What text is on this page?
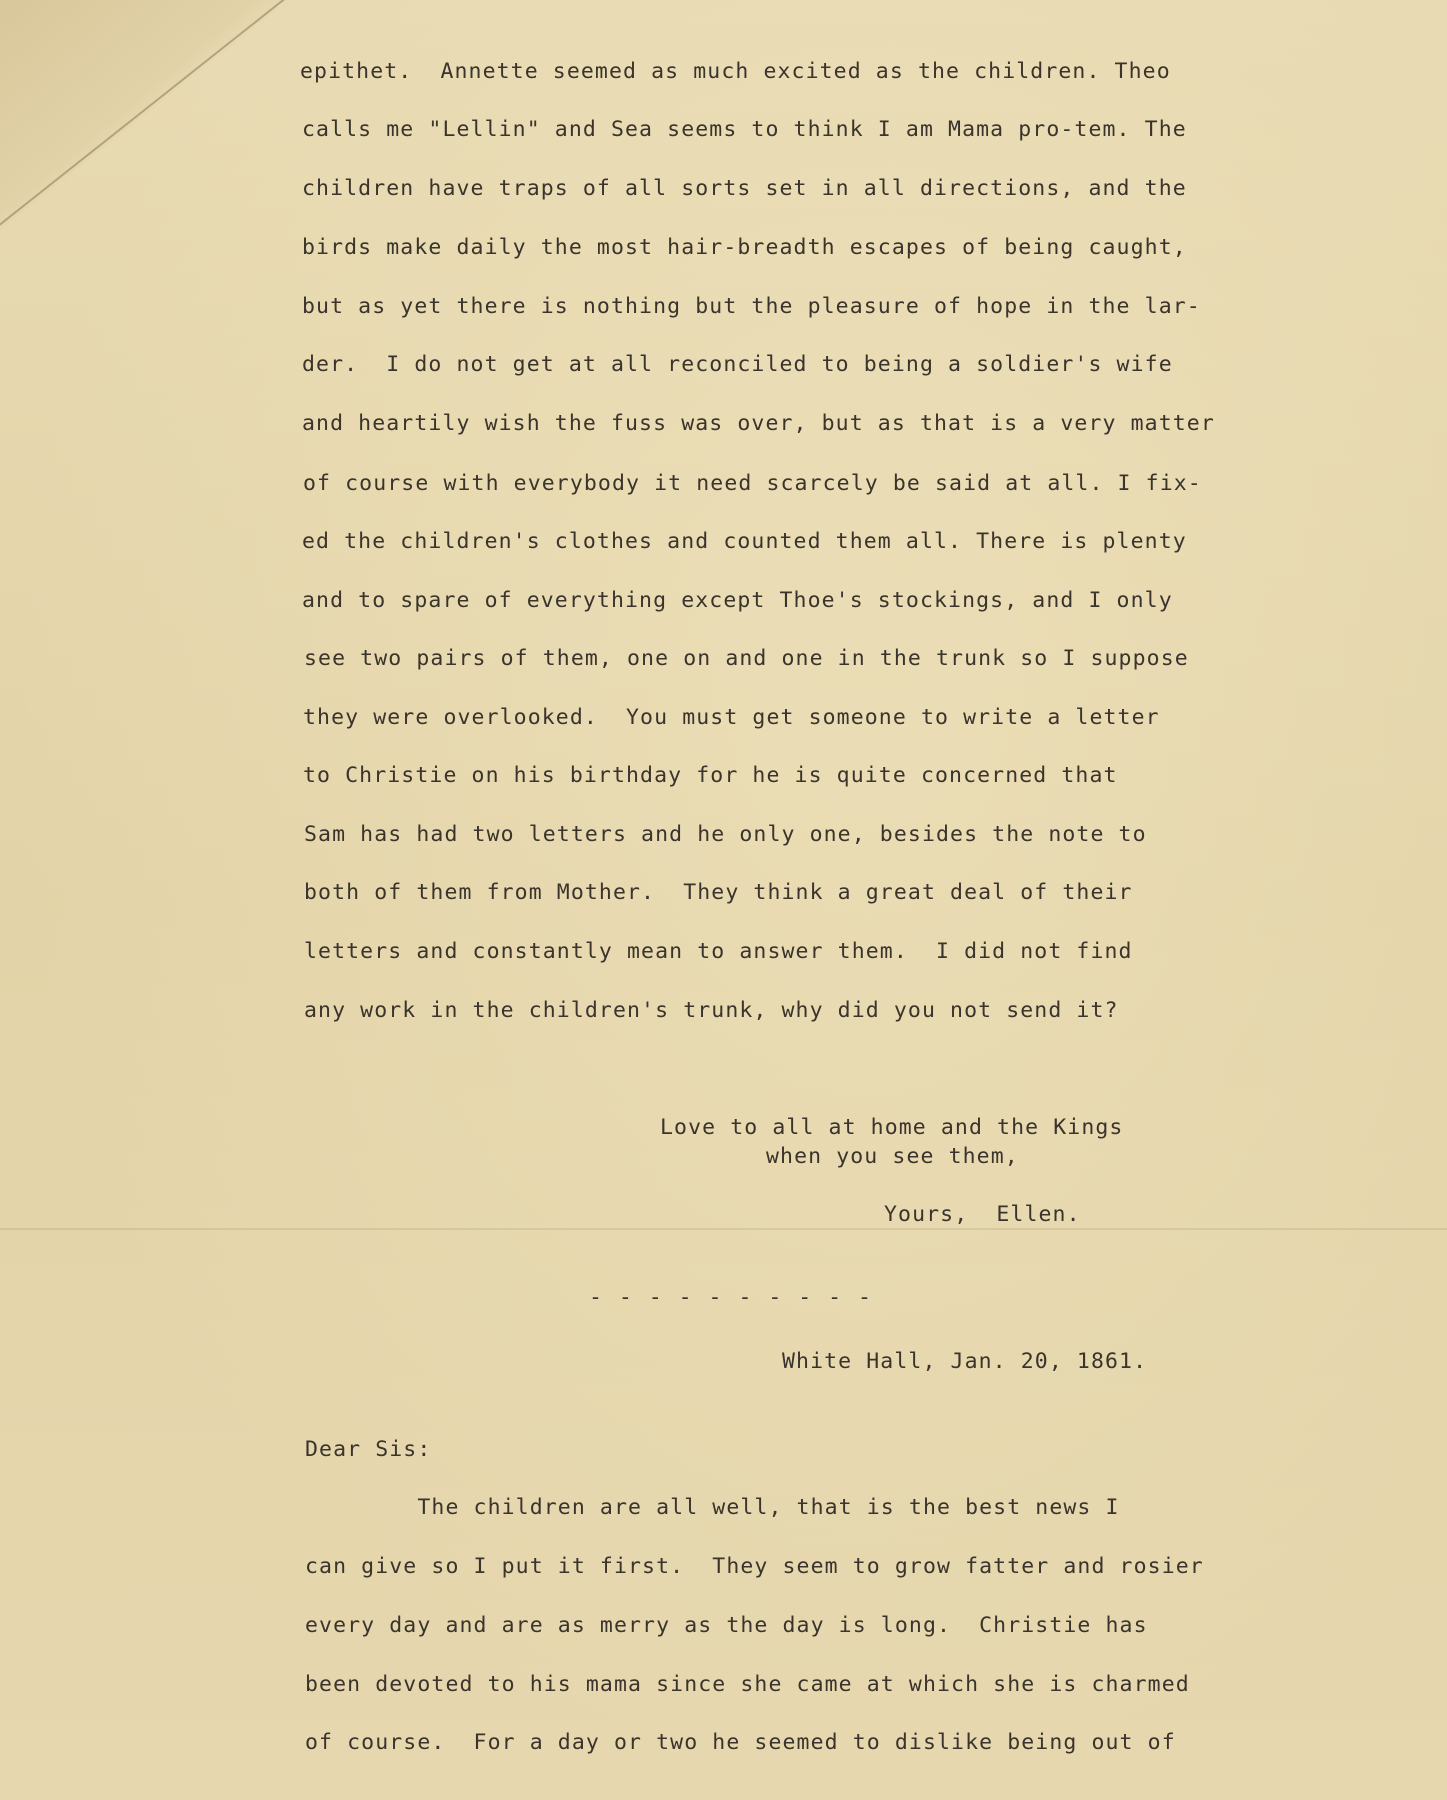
epithet.  Annette seemed as much excited as the children. Theo

calls me "Lellin" and Sea seems to think I am Mama pro-tem. The

children have traps of all sorts set in all directions, and the

birds make daily the most hair-breadth escapes of being caught,

but as yet there is nothing but the pleasure of hope in the lar-

der.  I do not get at all reconciled to being a soldier's wife

and heartily wish the fuss was over, but as that is a very matter

of course with everybody it need scarcely be said at all. I fix-

ed the children's clothes and counted them all. There is plenty

and to spare of everything except Thoe's stockings, and I only

see two pairs of them, one on and one in the trunk so I suppose

they were overlooked.  You must get someone to write a letter

to Christie on his birthday for he is quite concerned that

Sam has had two letters and he only one, besides the note to

both of them from Mother.  They think a great deal of their

letters and constantly mean to answer them.  I did not find

any work in the children's trunk, why did you not send it?

Love to all at home and the Kings

when you see them,

Yours,  Ellen.

- - - - - - - - - -

White Hall, Jan. 20, 1861.

Dear Sis:

The children are all well, that is the best news I

can give so I put it first.  They seem to grow fatter and rosier

every day and are as merry as the day is long.  Christie has

been devoted to his mama since she came at which she is charmed

of course.  For a day or two he seemed to dislike being out of
